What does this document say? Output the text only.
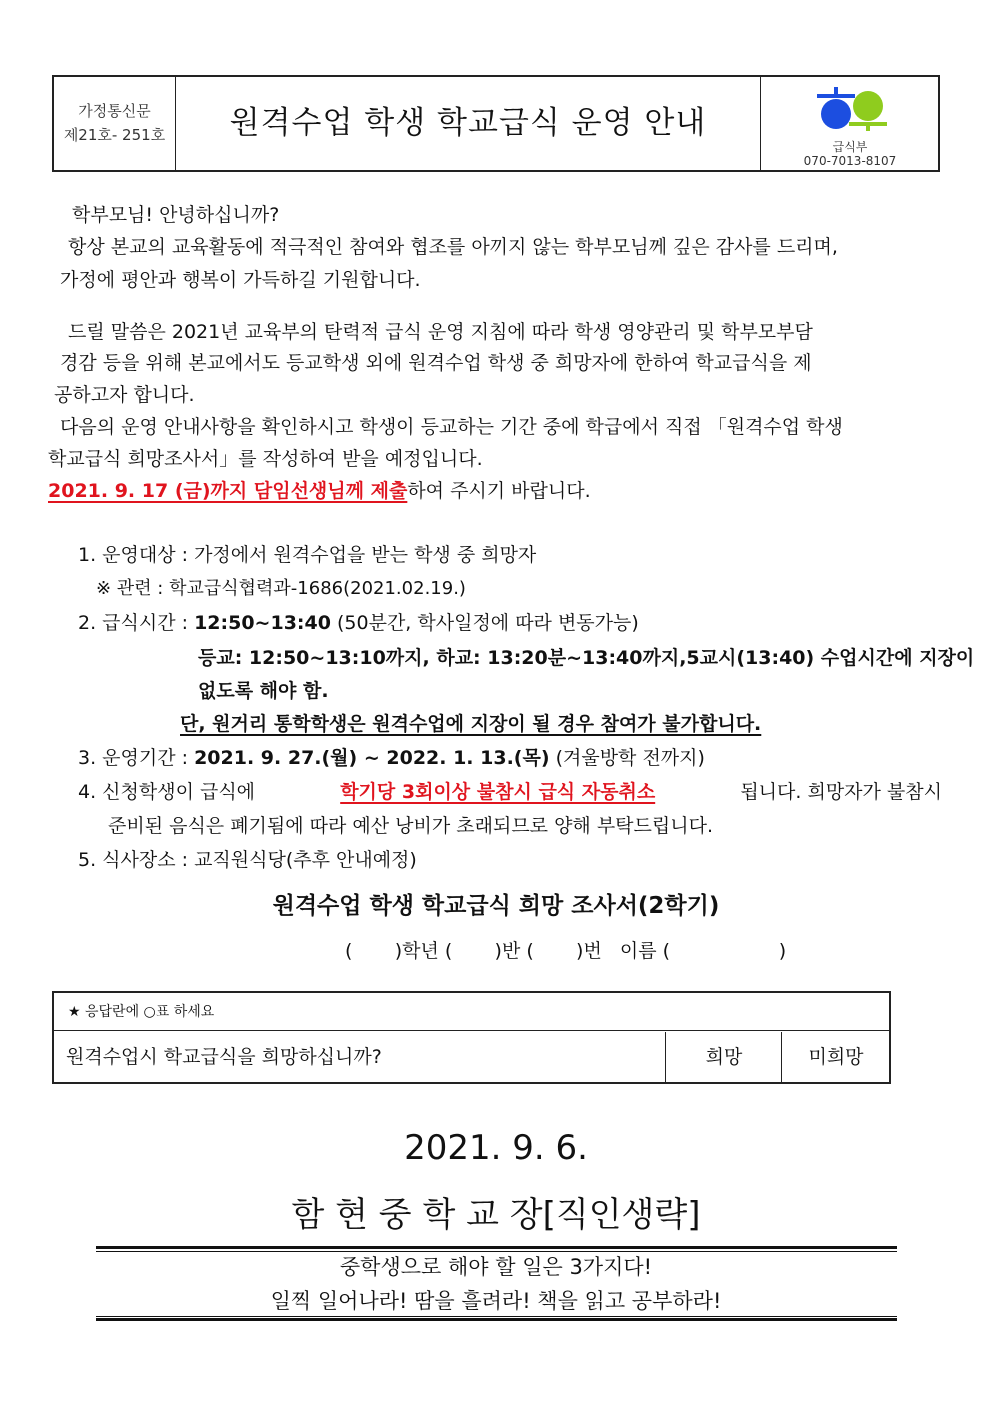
가정통신문
제21호- 251호	원격수업 학생 학교급식 운영 안내
급식부
070-7013-8107
학부모님! 안녕하십니까?
항상 본교의 교육활동에 적극적인 참여와 협조를 아끼지 않는 학부모님께 깊은 감사를 드리며,
가정에 평안과 행복이 가득하길 기원합니다.
드릴 말씀은 2021년 교육부의 탄력적 급식 운영 지침에 따라 학생 영양관리 및 학부모부담
경감 등을 위해 본교에서도 등교학생 외에 원격수업 학생 중 희망자에 한하여 학교급식을 제
공하고자 합니다.
다음의 운영 안내사항을 확인하시고 학생이 등교하는 기간 중에 학급에서 직접 「원격수업 학생
학교급식 희망조사서」를 작성하여 받을 예정입니다.
2021. 9. 17 (금)까지 담임선생님께 제출하여 주시기 바랍니다.
1. 운영대상 : 가정에서 원격수업을 받는 학생 중 희망자
※ 관련 : 학교급식협력과-1686(2021.02.19.)
2. 급식시간 : 12:50~13:40 (50분간, 학사일정에 따라 변동가능)
등교: 12:50~13:10까지, 하교: 13:20분~13:40까지,5교시(13:40) 수업시간에 지장이
없도록 해야 함.
단, 원거리 통학학생은 원격수업에 지장이 될 경우 참여가 불가합니다.
3. 운영기간 : 2021. 9. 27.(월) ~ 2022. 1. 13.(목) (겨울방학 전까지)
4. 신청학생이 급식에	학기당 3회이상 불참시 급식 자동취소	됩니다. 희망자가 불참시
준비된 음식은 폐기됨에 따라 예산 낭비가 초래되므로 양해 부탁드립니다.
5. 식사장소 : 교직원식당(추후 안내예정)
원격수업 학생 학교급식 희망 조사서(2학기)
(       )학년 (       )반 (       )번   이름 (                  )
★ 응답란에 ○표 하세요
원격수업시 학교급식을 희망하십니까?	희망	미희망
2021. 9. 6.
함 현 중 학 교 장[직인생략]
중학생으로 해야 할 일은 3가지다!
일찍 일어나라! 땀을 흘려라! 책을 읽고 공부하라!
